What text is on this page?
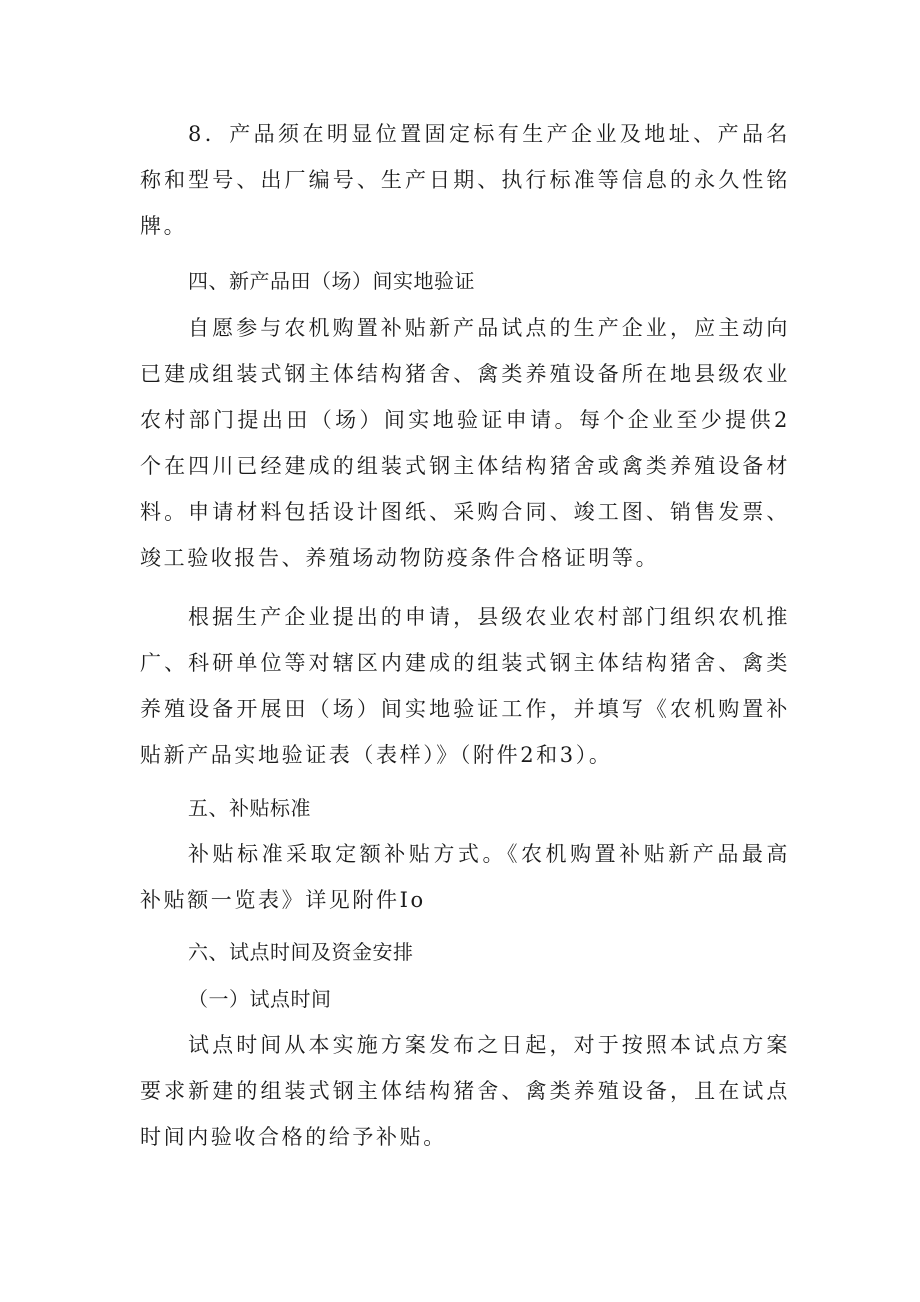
8．产品须在明显位置固定标有生产企业及地址、产品名称和型号、出厂编号、生产日期、执行标准等信息的永久性铭牌。

四、新产品田（场）间实地验证

自愿参与农机购置补贴新产品试点的生产企业，应主动向已建成组装式钢主体结构猪舍、禽类养殖设备所在地县级农业农村部门提出田（场）间实地验证申请。每个企业至少提供2个在四川已经建成的组装式钢主体结构猪舍或禽类养殖设备材料。申请材料包括设计图纸、采购合同、竣工图、销售发票、竣工验收报告、养殖场动物防疫条件合格证明等。

根据生产企业提出的申请，县级农业农村部门组织农机推广、科研单位等对辖区内建成的组装式钢主体结构猪舍、禽类养殖设备开展田（场）间实地验证工作，并填写《农机购置补贴新产品实地验证表（表样）》（附件2和3）。

五、补贴标准

补贴标准采取定额补贴方式。《农机购置补贴新产品最高补贴额一览表》详见附件Io

六、试点时间及资金安排
（一）试点时间

试点时间从本实施方案发布之日起，对于按照本试点方案要求新建的组装式钢主体结构猪舍、禽类养殖设备，且在试点时间内验收合格的给予补贴。
